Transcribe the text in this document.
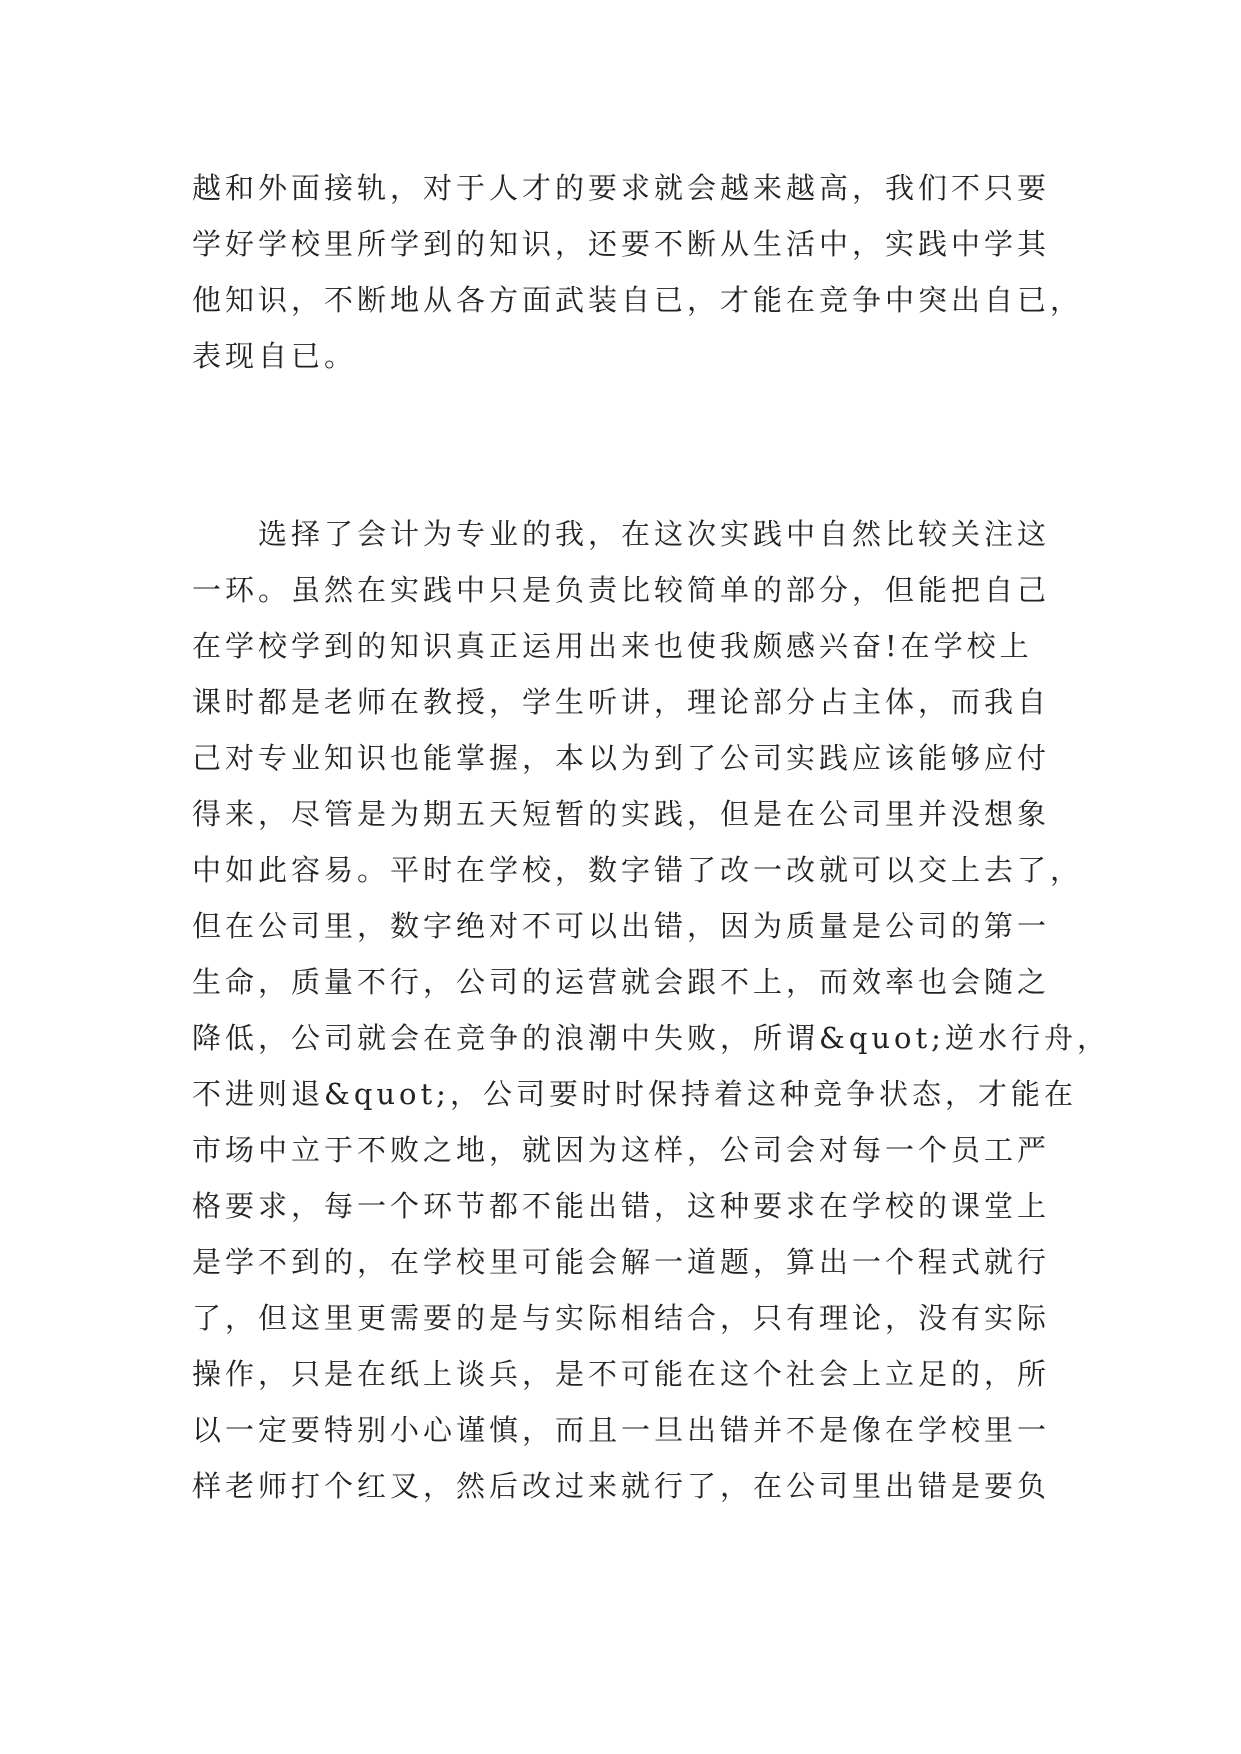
越和外面接轨，对于人才的要求就会越来越高，我们不只要
学好学校里所学到的知识，还要不断从生活中，实践中学其
他知识，不断地从各方面武装自已，才能在竞争中突出自已，
表现自已。
　　选择了会计为专业的我，在这次实践中自然比较关注这
一环。虽然在实践中只是负责比较简单的部分，但能把自己
在学校学到的知识真正运用出来也使我颇感兴奋!在学校上
课时都是老师在教授，学生听讲，理论部分占主体，而我自
己对专业知识也能掌握，本以为到了公司实践应该能够应付
得来，尽管是为期五天短暂的实践，但是在公司里并没想象
中如此容易。平时在学校，数字错了改一改就可以交上去了，
但在公司里，数字绝对不可以出错，因为质量是公司的第一
生命，质量不行，公司的运营就会跟不上，而效率也会随之
降低，公司就会在竞争的浪潮中失败，所谓&quot;逆水行舟，
不进则退&quot;，公司要时时保持着这种竞争状态，才能在
市场中立于不败之地，就因为这样，公司会对每一个员工严
格要求，每一个环节都不能出错，这种要求在学校的课堂上
是学不到的，在学校里可能会解一道题，算出一个程式就行
了，但这里更需要的是与实际相结合，只有理论，没有实际
操作，只是在纸上谈兵，是不可能在这个社会上立足的，所
以一定要特别小心谨慎，而且一旦出错并不是像在学校里一
样老师打个红叉，然后改过来就行了，在公司里出错是要负
